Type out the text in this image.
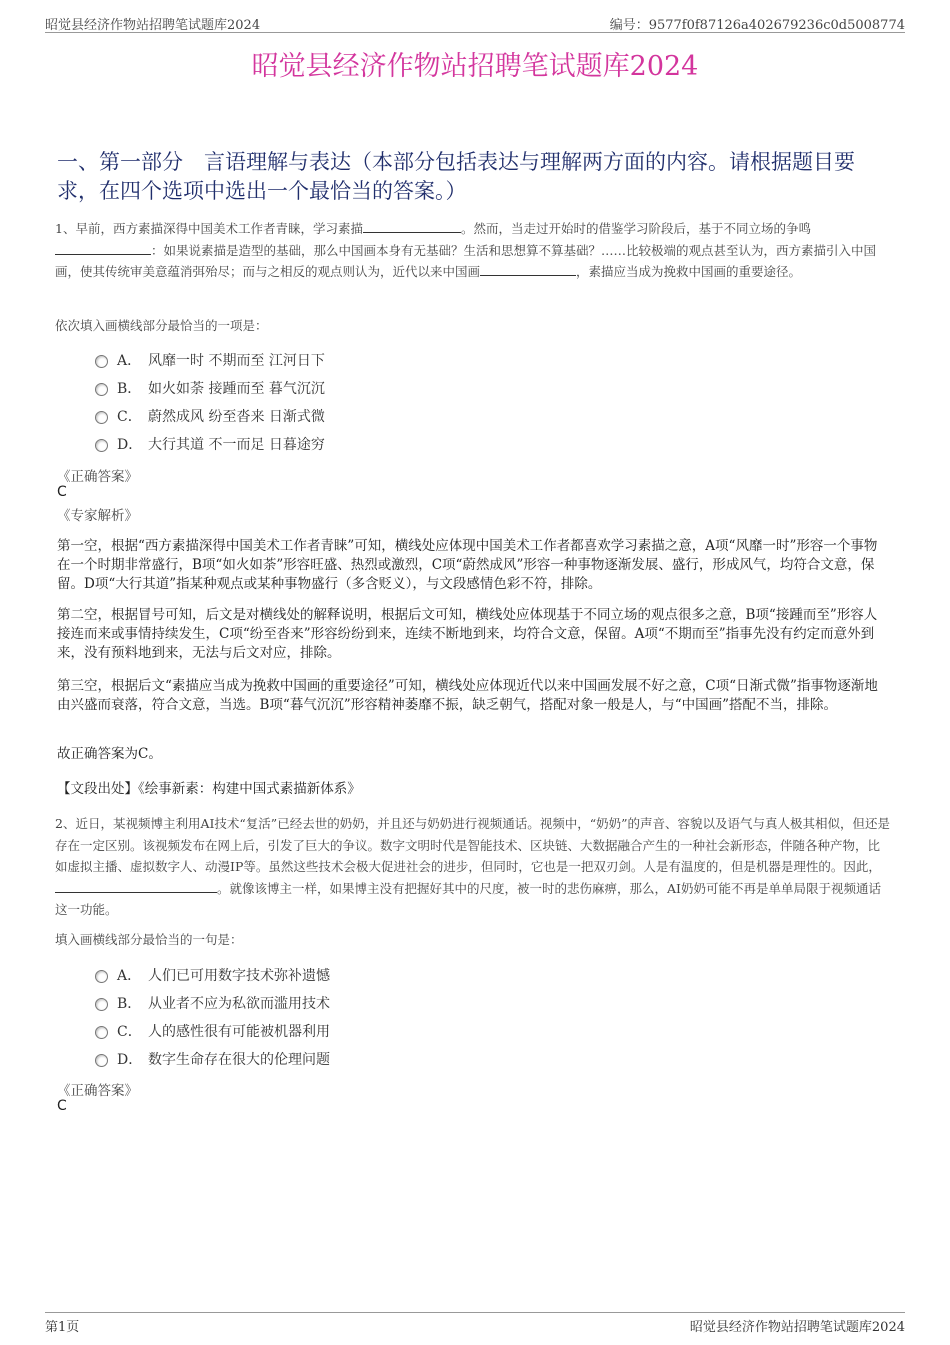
昭觉县经济作物站招聘笔试题库2024	编号：9577f0f87126a402679236c0d5008774
昭觉县经济作物站招聘笔试题库2024
一、第一部分　言语理解与表达（本部分包括表达与理解两方面的内容。请根据题目要求，在四个选项中选出一个最恰当的答案。）
1、早前，西方素描深得中国美术工作者青睐，学习素描	。然而，当走过开始时的借鉴学习阶段后，基于不同立场的争鸣：如果说素描是造型的基础，那么中国画本身有无基础？生活和思想算不算基础？……比较极端的观点甚至认为，西方素描引入中国画，使其传统审美意蕴消弭殆尽；而与之相反的观点则认为，近代以来中国画	，素描应当成为挽救中国画的重要途径。
依次填入画横线部分最恰当的一项是：
A． 风靡一时 不期而至 江河日下
B． 如火如荼 接踵而至 暮气沉沉
C． 蔚然成风 纷至沓来 日渐式微
D． 大行其道 不一而足 日暮途穷
《正确答案》
C
《专家解析》
第一空，根据“西方素描深得中国美术工作者青睐”可知，横线处应体现中国美术工作者都喜欢学习素描之意，A项“风靡一时”形容一个事物在一个时期非常盛行，B项“如火如荼”形容旺盛、热烈或激烈，C项“蔚然成风”形容一种事物逐渐发展、盛行，形成风气，均符合文意，保留。D项“大行其道”指某种观点或某种事物盛行（多含贬义），与文段感情色彩不符，排除。
第二空，根据冒号可知，后文是对横线处的解释说明，根据后文可知，横线处应体现基于不同立场的观点很多之意，B项“接踵而至”形容人接连而来或事情持续发生，C项“纷至沓来”形容纷纷到来，连续不断地到来，均符合文意，保留。A项“不期而至”指事先没有约定而意外到来，没有预料地到来，无法与后文对应，排除。
第三空，根据后文“素描应当成为挽救中国画的重要途径”可知，横线处应体现近代以来中国画发展不好之意，C项“日渐式微”指事物逐渐地由兴盛而衰落，符合文意，当选。B项“暮气沉沉”形容精神萎靡不振，缺乏朝气，搭配对象一般是人，与“中国画”搭配不当，排除。
故正确答案为C。
【文段出处】《绘事新素：构建中国式素描新体系》
2、近日，某视频博主利用AI技术“复活”已经去世的奶奶，并且还与奶奶进行视频通话。视频中，“奶奶”的声音、容貌以及语气与真人极其相似，但还是存在一定区别。该视频发布在网上后，引发了巨大的争议。数字文明时代是智能技术、区块链、大数据融合产生的一种社会新形态，伴随各种产物，比如虚拟主播、虚拟数字人、动漫IP等。虽然这些技术会极大促进社会的进步，但同时，它也是一把双刃剑。人是有温度的，但是机器是理性的。因此，。就像该博主一样，如果博主没有把握好其中的尺度，被一时的悲伤麻痹，那么，AI奶奶可能不再是单单局限于视频通话这一功能。
填入画横线部分最恰当的一句是：
A． 人们已可用数字技术弥补遗憾
B． 从业者不应为私欲而滥用技术
C． 人的感性很有可能被机器利用
D． 数字生命存在很大的伦理问题
《正确答案》
C
第1页	昭觉县经济作物站招聘笔试题库2024
